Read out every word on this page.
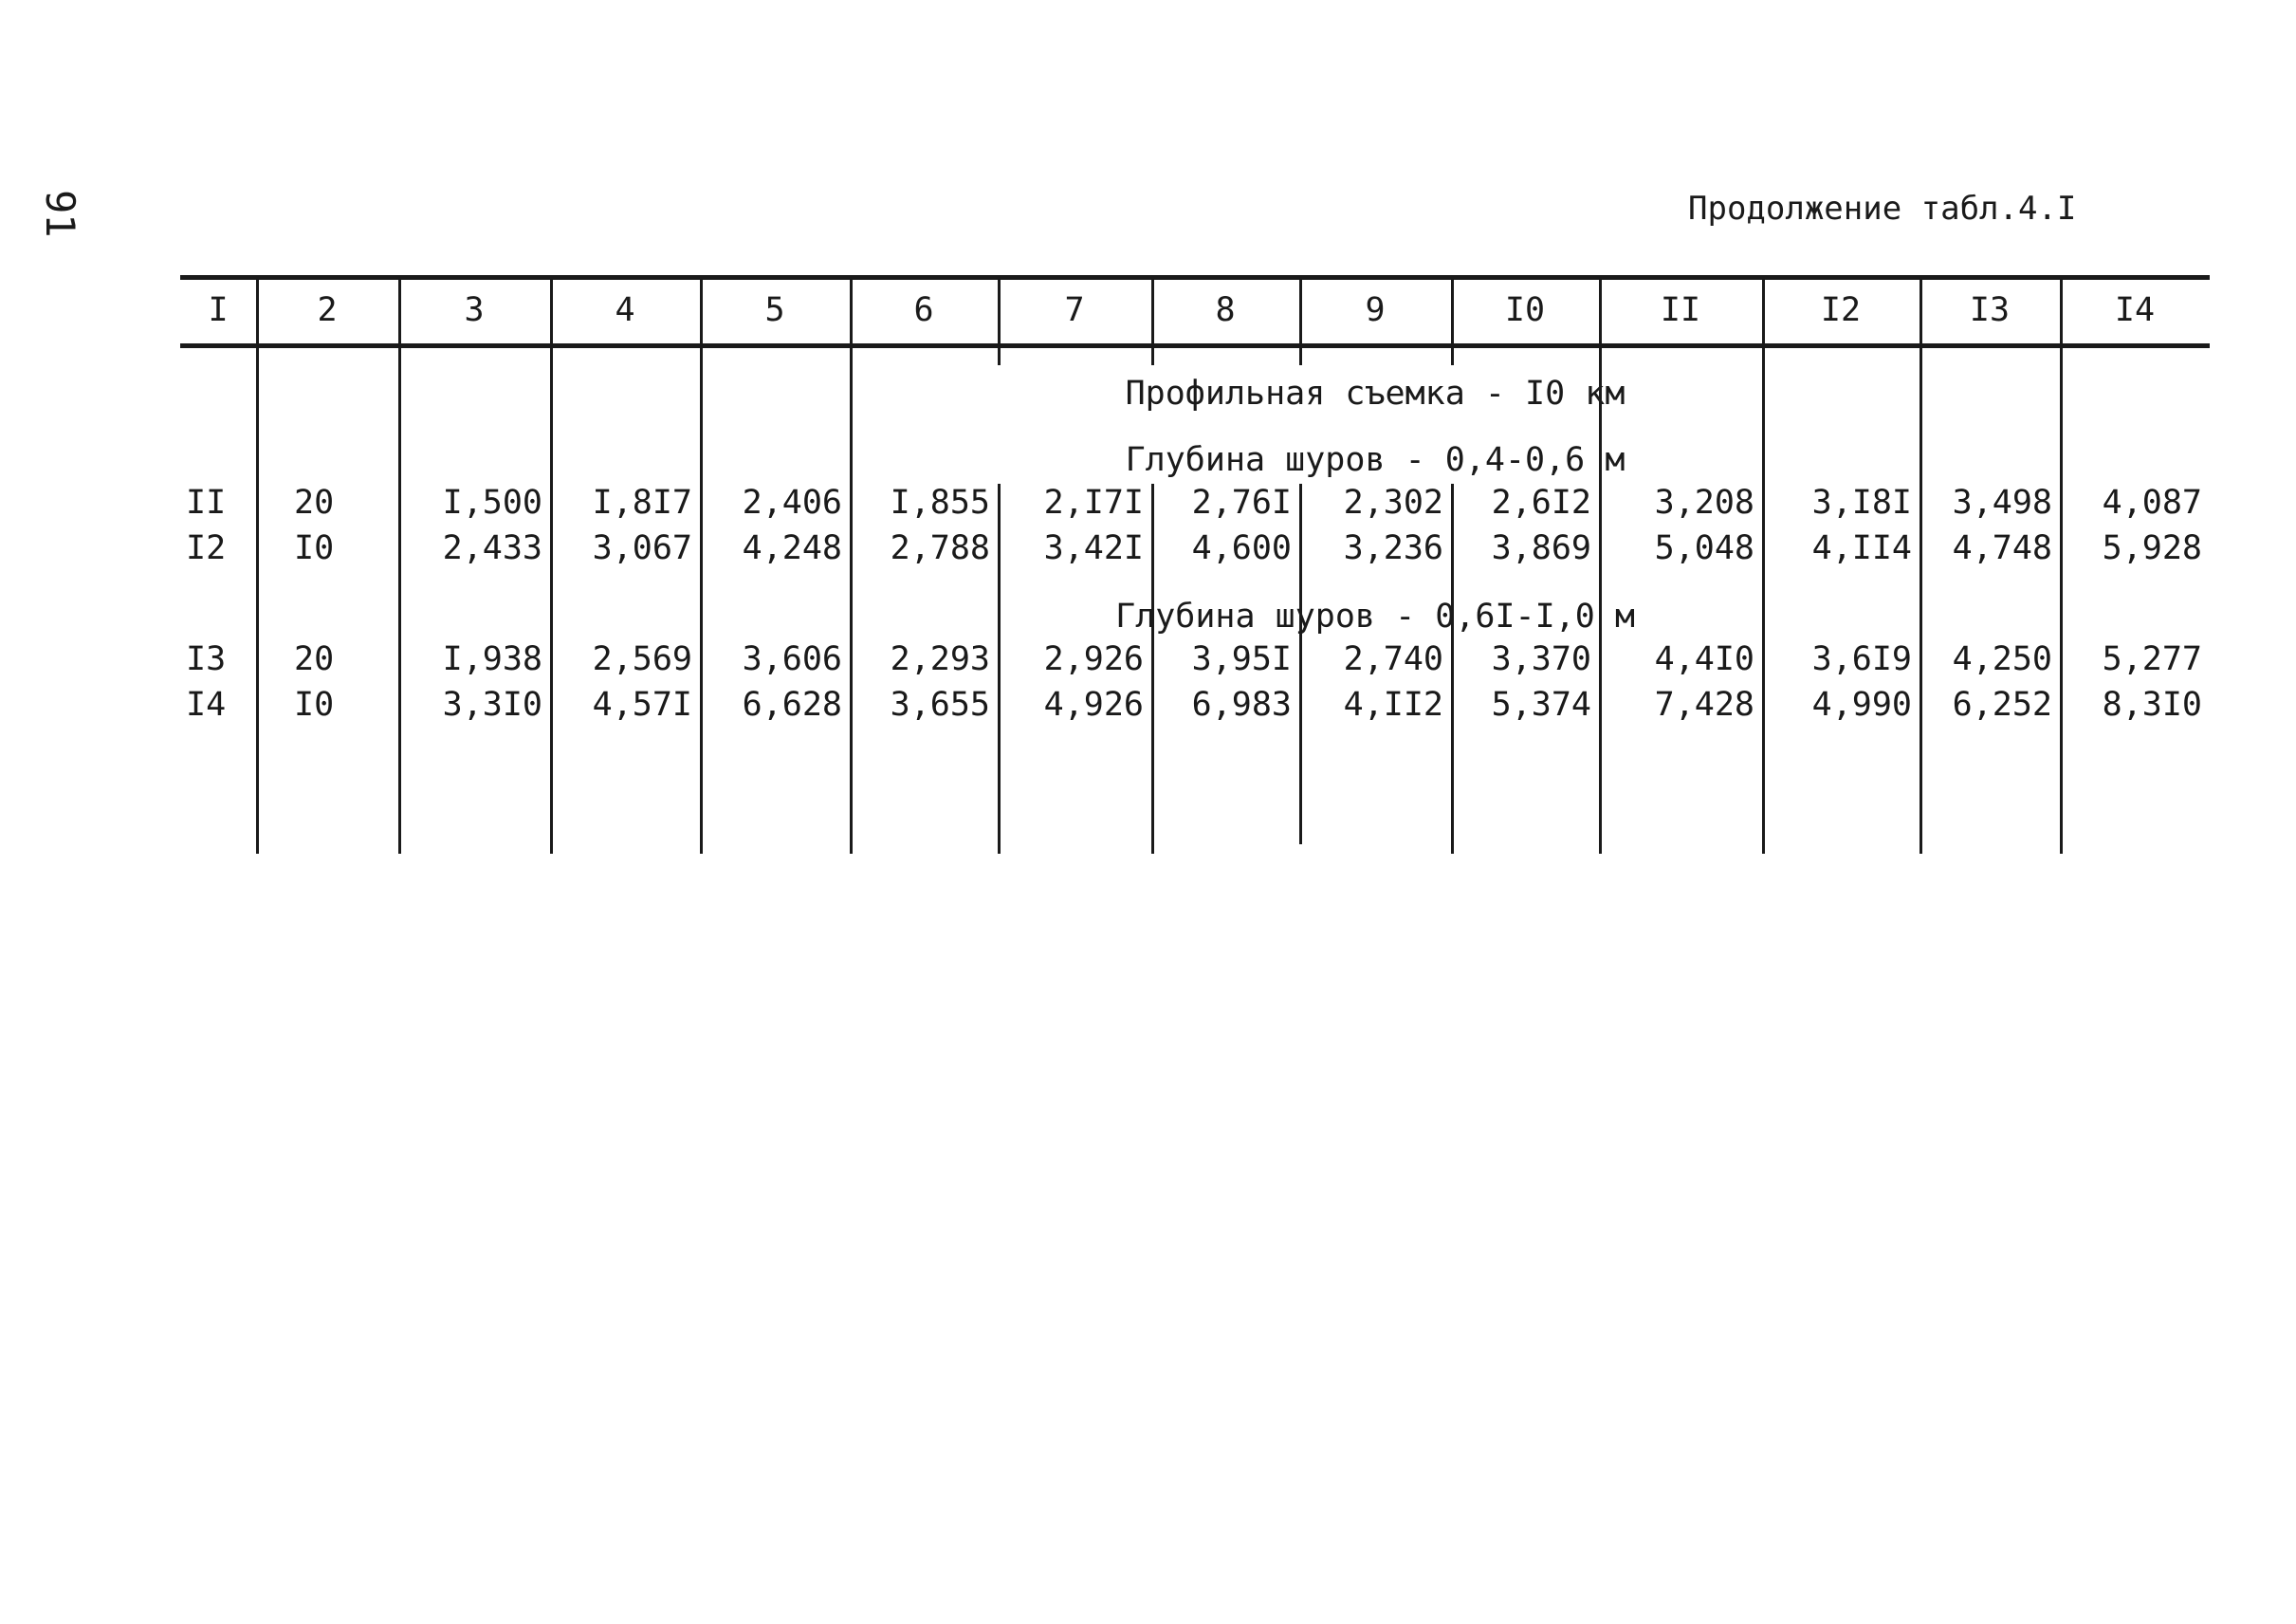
91	Продолжение табл.4.I
I	2	3	4	5	6	7	8	9	I0	II	I2	I3	I4
Профильная съемка - I0 км
Глубина шуров - 0,4-0,6 м
Глубина шуров - 0,6I-I,0 м
II 20	I,500	I,8I7	2,406	I,855	2,I7I	2,76I	2,302	2,6I2	3,208	3,I8I	3,498	4,087
I2 I0	2,433	3,067	4,248	2,788	3,42I	4,600	3,236	3,869	5,048	4,II4	4,748	5,928
I3 20	I,938	2,569	3,606	2,293	2,926	3,95I	2,740	3,370	4,4I0	3,6I9	4,250	5,277
I4 I0	3,3I0	4,57I	6,628	3,655	4,926	6,983	4,II2	5,374	7,428	4,990	6,252	8,3I0
